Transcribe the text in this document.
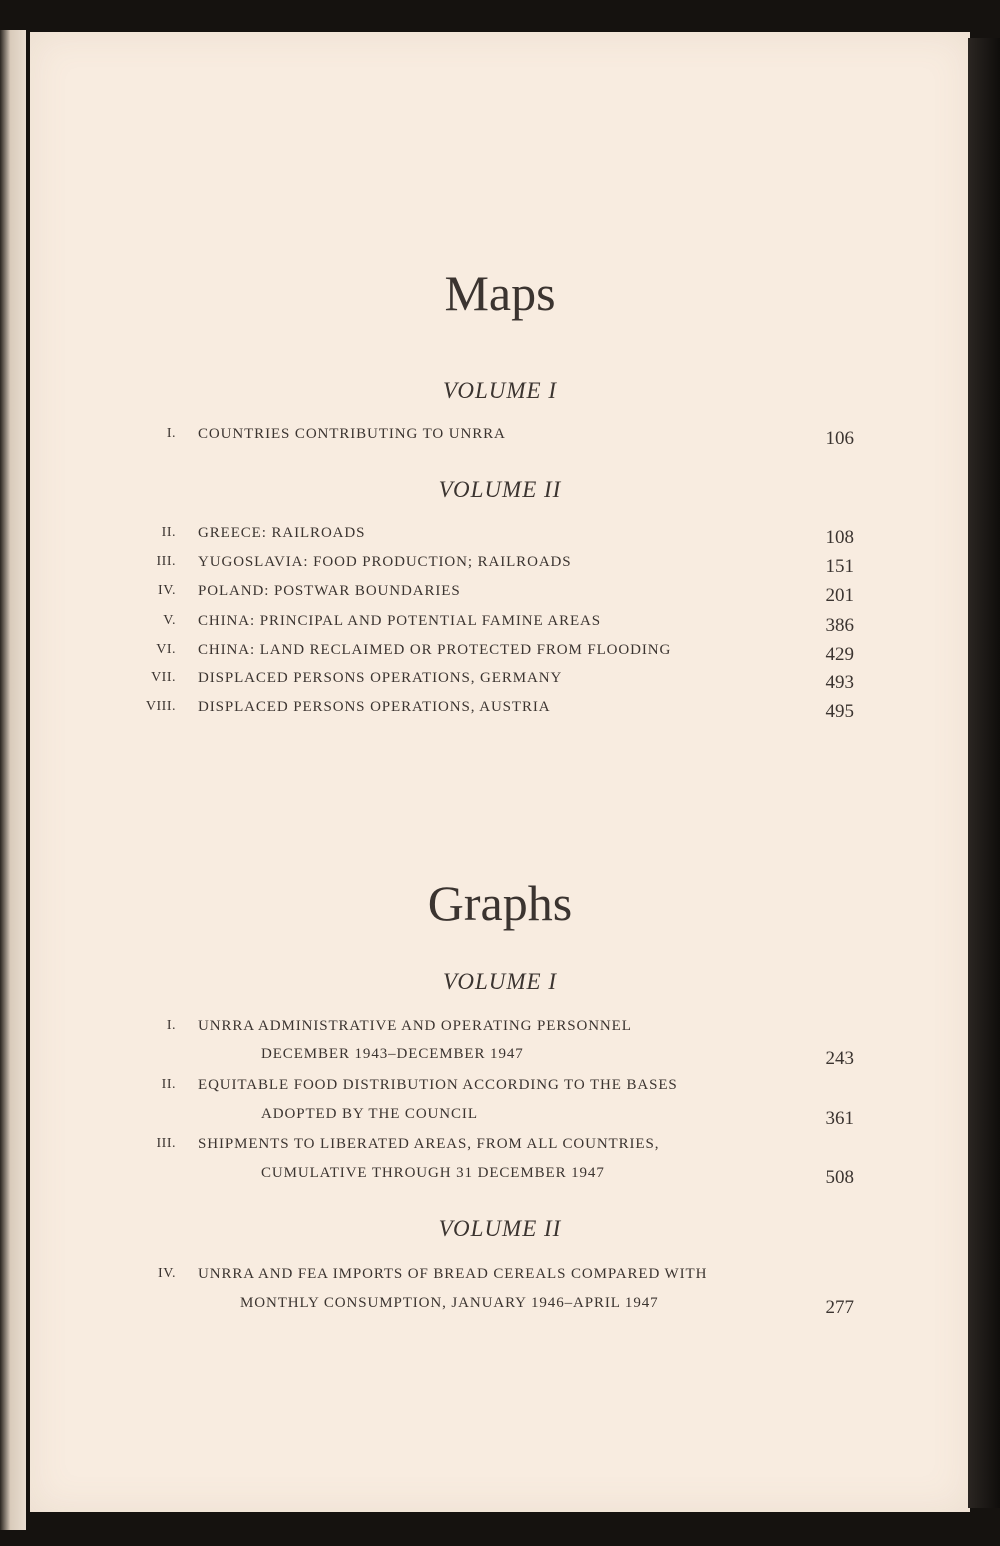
Maps
VOLUME I
I. COUNTRIES CONTRIBUTING TO UNRRA	106
VOLUME II
II. GREECE: RAILROADS	108
III. YUGOSLAVIA: FOOD PRODUCTION; RAILROADS	151
IV. POLAND: POSTWAR BOUNDARIES	201
V. CHINA: PRINCIPAL AND POTENTIAL FAMINE AREAS	386
VI. CHINA: LAND RECLAIMED OR PROTECTED FROM FLOODING	429
VII. DISPLACED PERSONS OPERATIONS, GERMANY	493
VIII. DISPLACED PERSONS OPERATIONS, AUSTRIA	495
Graphs
VOLUME I
I. UNRRA ADMINISTRATIVE AND OPERATING PERSONNEL
DECEMBER 1943–DECEMBER 1947	243
II. EQUITABLE FOOD DISTRIBUTION ACCORDING TO THE BASES
ADOPTED BY THE COUNCIL	361
III. SHIPMENTS TO LIBERATED AREAS, FROM ALL COUNTRIES,
CUMULATIVE THROUGH 31 DECEMBER 1947	508
VOLUME II
IV. UNRRA AND FEA IMPORTS OF BREAD CEREALS COMPARED WITH
MONTHLY CONSUMPTION, JANUARY 1946–APRIL 1947	277
